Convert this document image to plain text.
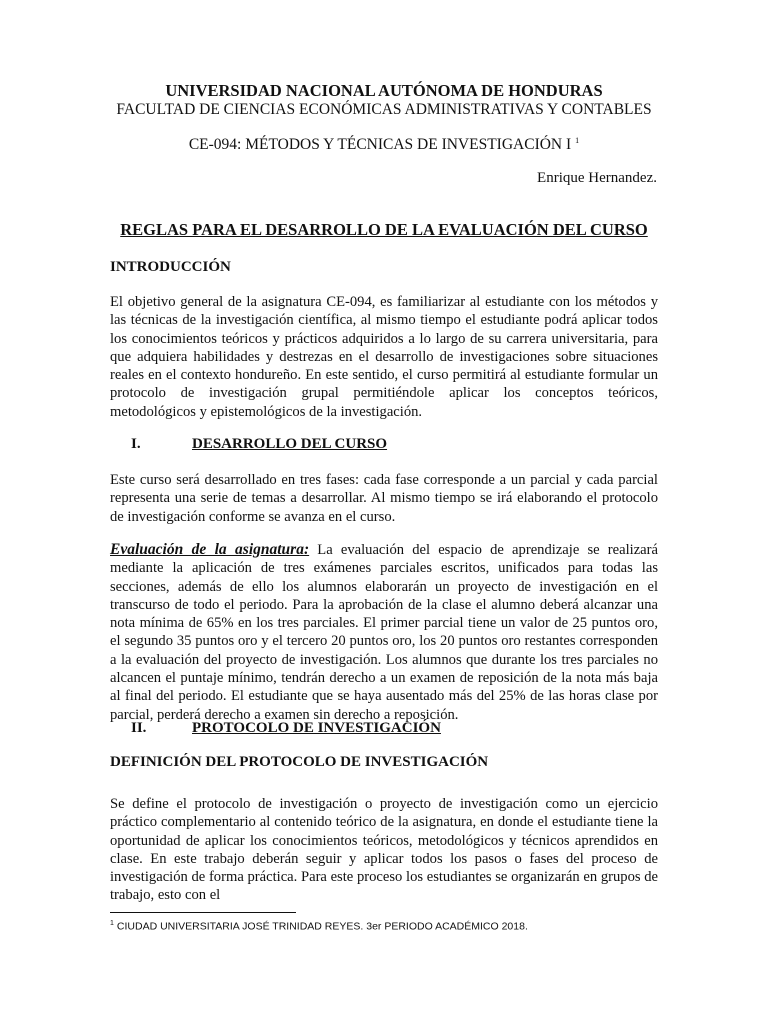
UNIVERSIDAD NACIONAL AUTÓNOMA DE HONDURAS
FACULTAD DE CIENCIAS ECONÓMICAS ADMINISTRATIVAS Y CONTABLES
CE-094: MÉTODOS Y TÉCNICAS DE INVESTIGACIÓN I $^1$
Enrique Hernandez.
REGLAS PARA EL DESARROLLO DE LA EVALUACIÓN DEL CURSO
INTRODUCCIÓN
El objetivo general de la asignatura CE-094, es familiarizar al estudiante con los métodos y las técnicas de la investigación científica, al mismo tiempo el estudiante podrá aplicar todos los conocimientos teóricos y prácticos adquiridos a lo largo de su carrera universitaria, para que adquiera habilidades y destrezas en el desarrollo de investigaciones sobre situaciones reales en el contexto hondureño. En este sentido, el curso permitirá al estudiante formular un protocolo de investigación grupal permitiéndole aplicar los conceptos teóricos, metodológicos y epistemológicos de la investigación.
I.	DESARROLLO DEL CURSO
Este curso será desarrollado en tres fases: cada fase corresponde a un parcial y cada parcial representa una serie de temas a desarrollar. Al mismo tiempo se irá elaborando el protocolo de investigación conforme se avanza en el curso.
Evaluación de la asignatura: La evaluación del espacio de aprendizaje se realizará mediante la aplicación de tres exámenes parciales escritos, unificados para todas las secciones, además de ello los alumnos elaborarán un proyecto de investigación en el transcurso de todo el periodo. Para la aprobación de la clase el alumno deberá alcanzar una nota mínima de 65% en los tres parciales. El primer parcial tiene un valor de 25 puntos oro, el segundo 35 puntos oro y el tercero 20 puntos oro, los 20 puntos oro restantes corresponden a la evaluación del proyecto de investigación. Los alumnos que durante los tres parciales no alcancen el puntaje mínimo, tendrán derecho a un examen de reposición de la nota más baja al final del periodo. El estudiante que se haya ausentado más del 25% de las horas clase por parcial, perderá derecho a examen sin derecho a reposición.
II.	PROTOCOLO DE INVESTIGACIÓN
DEFINICIÓN DEL PROTOCOLO DE INVESTIGACIÓN
Se define el protocolo de investigación o proyecto de investigación como un ejercicio práctico complementario al contenido teórico de la asignatura, en donde el estudiante tiene la oportunidad de aplicar los conocimientos teóricos, metodológicos y técnicos aprendidos en clase. En este trabajo deberán seguir y aplicar todos los pasos o fases del proceso de investigación de forma práctica. Para este proceso los estudiantes se organizarán en grupos de trabajo, esto con el
$^1$ CIUDAD UNIVERSITARIA JOSÉ TRINIDAD REYES. 3er PERIODO ACADÉMICO 2018.
